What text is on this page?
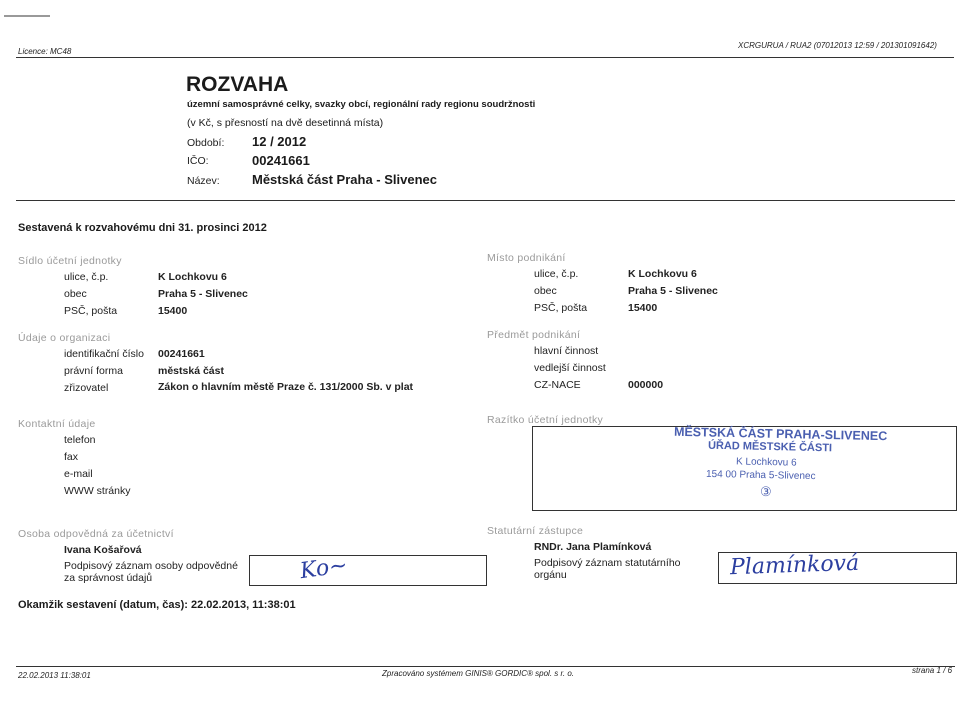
Licence: MC48
XCRGURUA / RUA2 (07012013 12:59 / 201301091642)
ROZVAHA
územní samosprávné celky, svazky obcí, regionální rady regionu soudržnosti
(v Kč, s přesností na dvě desetinná místa)
Období: 12 / 2012
IČO:	00241661
Název: Městská část Praha - Slivenec
Sestavená k rozvahovému dni 31. prosinci 2012
Sídlo účetní jednotky
ulice, č.p.	K Lochkovu 6
obec	Praha 5 - Slivenec
PSČ, pošta	15400
Místo podnikání
ulice, č.p.	K Lochkovu 6
obec	Praha 5 - Slivenec
PSČ, pošta	15400
Údaje o organizaci
identifikační číslo 00241661
právní forma	městská část
zřizovatel	Zákon o hlavním městě Praze č. 131/2000 Sb. v plat
Předmět podnikání
hlavní činnost
vedlejší činnost
CZ-NACE	000000
Kontaktní údaje
telefon
fax
e-mail
WWW stránky
Razítko účetní jednotky
MĚSTSKÁ ČÁST PRAHA-SLIVENEC
ÚŘAD MĚSTSKÉ ČÁSTI
K Lochkovu 6
154 00 Praha 5-Slivenec
③
Osoba odpovědná za účetnictví
Ivana Košařová
Podpisový záznam osoby odpovědné
za správnost údajů	Ko~
Statutární zástupce
RNDr. Jana Plamínková
Podpisový záznam statutárního
orgánu	Plamínková
Okamžik sestavení (datum, čas): 22.02.2013, 11:38:01
22.02.2013 11:38:01	Zpracováno systémem GINIS® GORDIC® spol. s r. o.	strana 1 / 6
